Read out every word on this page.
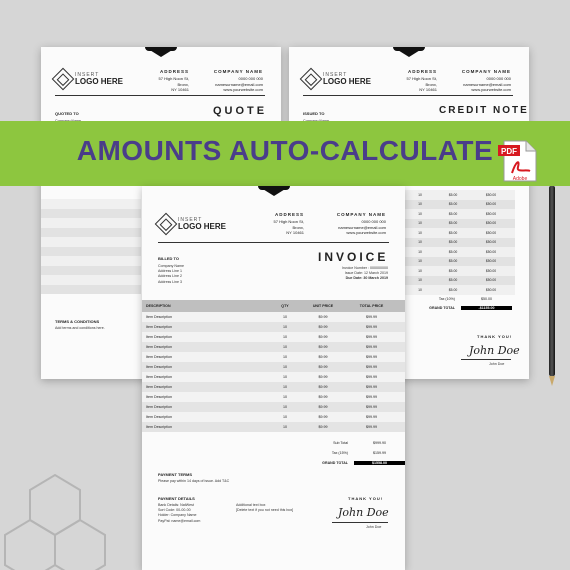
INSERT
LOGO HERE
ADDRESS
57 High Noon St,
Bronx,
NY 10461
COMPANY NAME
0000 000 000
namesurname@email.com
www.yourwebsite.com
QUOTED TO	QUOTE
TERMS & CONDITIONS
Add terms and conditions here.
INSERT
LOGO HERE
ADDRESS
57 High Noon St,
Bronx,
NY 10461
COMPANY NAME
0000 000 000
namesurname@email.com
www.yourwebsite.com
ISSUED TO	CREDIT NOTE
10	$5.00	$50.00
10	$5.00	$50.00
10	$5.00	$50.00
10	$5.00	$50.00
10	$5.00	$50.00
10	$5.00	$50.00
10	$5.00	$50.00
10	$5.00	$50.00
10	$5.00	$50.00
10	$5.00	$50.00
10	$5.00	$50.00
Tax (10%)	$50.00
GRAND TOTAL	-$1155.00
THANK YOU!
John Doe
John Doe
AMOUNTS AUTO-CALCULATE PDF
Adobe
INSERT
LOGO HERE
ADDRESS
57 High Noon St,
Bronx,
NY 10461
COMPANY NAME
0000 000 000
namesurname@email.com
www.yourwebsite.com
BILLED TO
Company Name
Address Line 1
Address Line 2
Address Line 3
INVOICE
Invoice Number : 000000000
Issue Date: 12 March 2019
Due Date: 30 March 2019
DESCRIPTION	QTY	UNIT PRICE	TOTAL PRICE
Item Description	10	$9.99	$99.99
Item Description	10	$9.99	$99.99
Item Description	10	$9.99	$99.99
Item Description	10	$9.99	$99.99
Item Description	10	$9.99	$99.99
Item Description	10	$9.99	$99.99
Item Description	10	$9.99	$99.99
Item Description	10	$9.99	$99.99
Item Description	10	$9.99	$99.99
Item Description	10	$9.99	$99.99
Item Description	10	$9.99	$99.99
Item Description	10	$9.99	$99.99
Sub Total	$999.90
Tax (15%)	$159.99
GRAND TOTAL	$1558.00
PAYMENT TERMS
Please pay within 14 days of issue. Add T&C
PAYMENT DETAILS
Bank Details: NatWest
Sort Code: 00-00-00
Holder: Company Name
PayPal: name@email.com
Additional text box
[Delete text if you not need this box]
THANK YOU!
John Doe
John Doe
